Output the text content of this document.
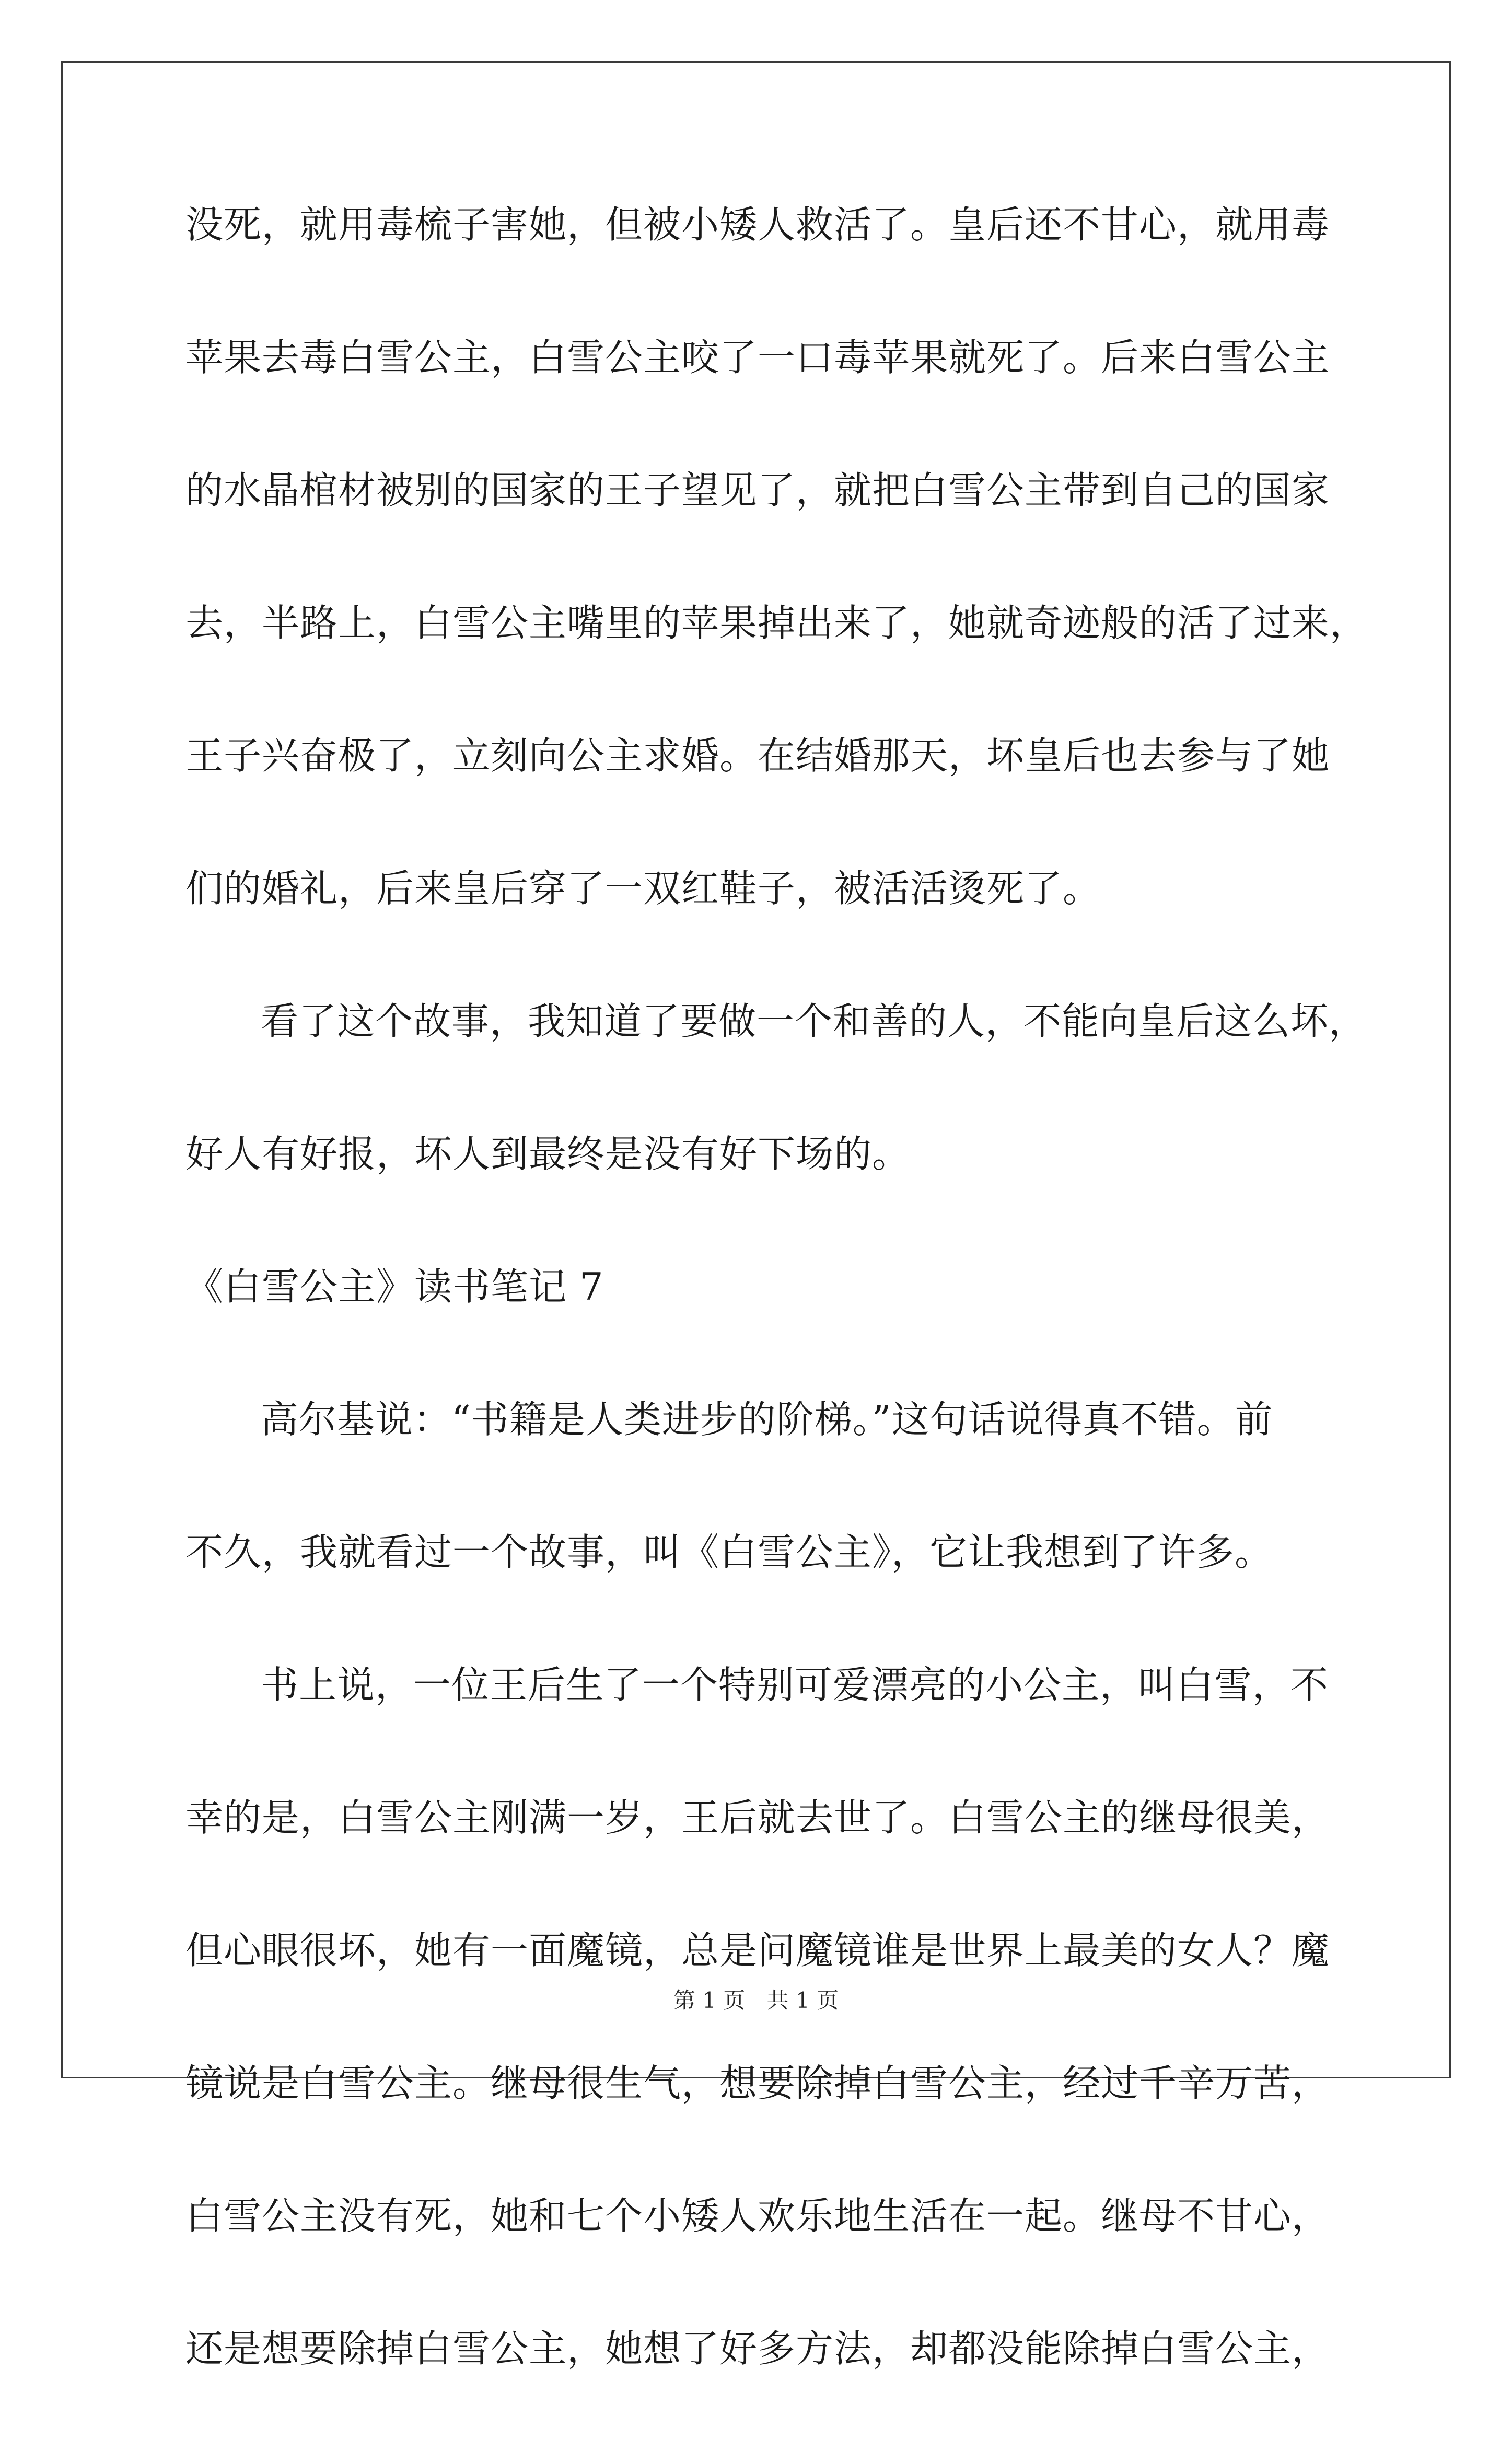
没死，就用毒梳子害她，但被小矮人救活了。皇后还不甘心，就用毒
苹果去毒白雪公主，白雪公主咬了一口毒苹果就死了。后来白雪公主
的水晶棺材被别的国家的王子望见了，就把白雪公主带到自己的国家
去，半路上，白雪公主嘴里的苹果掉出来了，她就奇迹般的活了过来，
王子兴奋极了，立刻向公主求婚。在结婚那天，坏皇后也去参与了她
们的婚礼，后来皇后穿了一双红鞋子，被活活烫死了。
看了这个故事，我知道了要做一个和善的人，不能向皇后这么坏，
好人有好报，坏人到最终是没有好下场的。
《白雪公主》读书笔记 7
高尔基说：“书籍是人类进步的阶梯。”这句话说得真不错。前
不久，我就看过一个故事，叫《白雪公主》，它让我想到了许多。
书上说，一位王后生了一个特别可爱漂亮的小公主，叫白雪，不
幸的是，白雪公主刚满一岁，王后就去世了。白雪公主的继母很美，
但心眼很坏，她有一面魔镜，总是问魔镜谁是世界上最美的女人？魔
镜说是白雪公主。继母很生气，想要除掉白雪公主，经过千辛万苦，
白雪公主没有死，她和七个小矮人欢乐地生活在一起。继母不甘心，
还是想要除掉白雪公主，她想了好多方法，却都没能除掉白雪公主，
第 1 页 共 1 页
